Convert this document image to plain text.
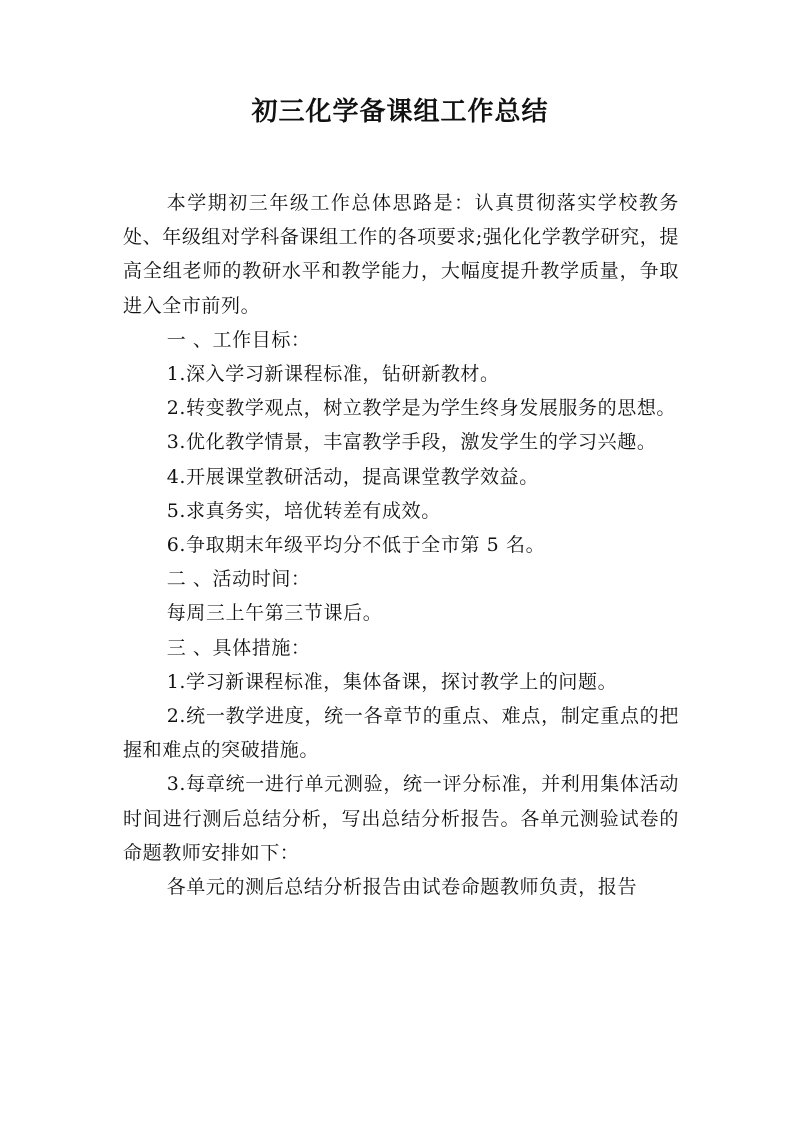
初三化学备课组工作总结

本学期初三年级工作总体思路是：认真贯彻落实学校教务处、年级组对学科备课组工作的各项要求;强化化学教学研究，提高全组老师的教研水平和教学能力，大幅度提升教学质量，争取进入全市前列。

一 、工作目标：

1.深入学习新课程标准，钻研新教材。

2.转变教学观点，树立教学是为学生终身发展服务的思想。

3.优化教学情景，丰富教学手段，激发学生的学习兴趣。

4.开展课堂教研活动，提高课堂教学效益。

5.求真务实，培优转差有成效。

6.争取期末年级平均分不低于全市第 5 名。

二 、活动时间：

每周三上午第三节课后。

三 、具体措施：

1.学习新课程标准，集体备课，探讨教学上的问题。

2.统一教学进度，统一各章节的重点、难点，制定重点的把握和难点的突破措施。

3.每章统一进行单元测验，统一评分标准，并利用集体活动时间进行测后总结分析，写出总结分析报告。各单元测验试卷的命题教师安排如下：

各单元的测后总结分析报告由试卷命题教师负责，报告
